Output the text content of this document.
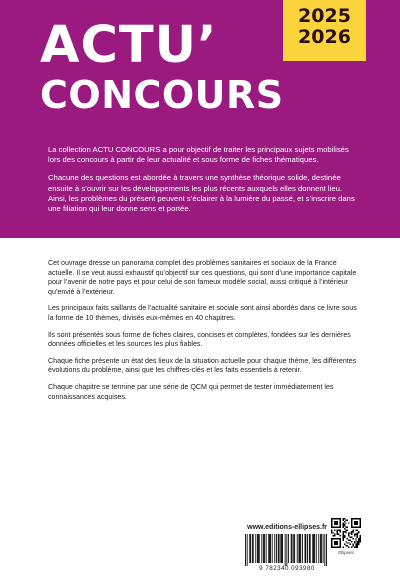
ACTU’
CONCOURS
2025
2026

La collection ACTU CONCOURS a pour objectif de traiter les principaux sujets mobilisés lors des concours à partir de leur actualité et sous forme de fiches thématiques.

Chacune des questions est abordée à travers une synthèse théorique solide, destinée ensuite à s’ouvrir sur les développements les plus récents auxquels elles donnent lieu. Ainsi, les problèmes du présent peuvent s’éclairer à la lumière du passé, et s’inscrire dans une filiation qui leur donne sens et portée.

Cet ouvrage dresse un panorama complet des problèmes sanitaires et sociaux de la France actuelle. Il se veut aussi exhaustif qu’objectif sur ces questions, qui sont d’une importance capitale pour l’avenir de notre pays et pour celui de son fameux modèle social, aussi critiqué à l’intérieur qu’envié à l’extérieur.

Les principaux faits saillants de l’actualité sanitaire et sociale sont ainsi abordés dans ce livre sous la forme de 10 thèmes, divisés eux-mêmes en 40 chapitres.

Ils sont présentés sous forme de fiches claires, concises et complètes, fondées sur les dernières données officielles et les sources les plus fiables.

Chaque fiche présente un état des lieux de la situation actuelle pour chaque thème, les différentes évolutions du problème, ainsi que les chiffres-clés et les faits essentiels à retenir.

Chaque chapitre se termine par une série de QCM qui permet de tester immédiatement les connaissances acquises.

www.editions-ellipses.fr
9 782340 093980
Ellipses
